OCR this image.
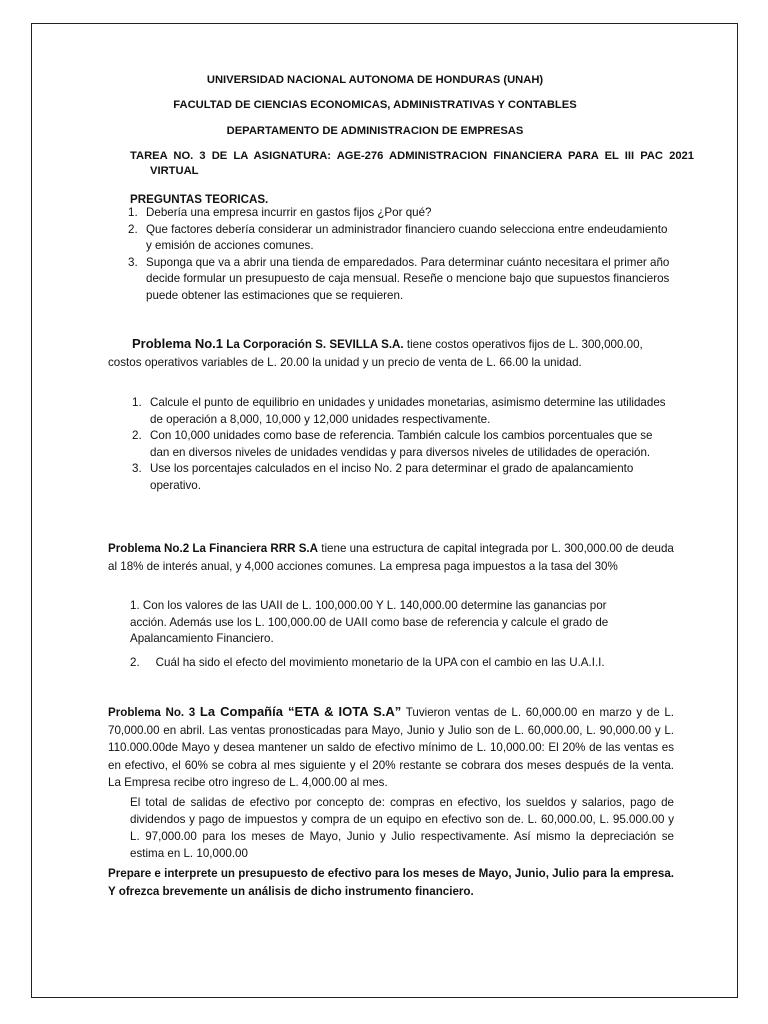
UNIVERSIDAD NACIONAL AUTONOMA DE HONDURAS (UNAH)
FACULTAD DE CIENCIAS ECONOMICAS, ADMINISTRATIVAS Y CONTABLES
DEPARTAMENTO DE ADMINISTRACION DE EMPRESAS
TAREA NO. 3 DE LA ASIGNATURA: AGE-276 ADMINISTRACION FINANCIERA PARA EL III PAC 2021 VIRTUAL
PREGUNTAS TEORICAS.
1. Debería una empresa incurrir en gastos fijos ¿Por qué?
2. Que factores debería considerar un administrador financiero cuando selecciona entre endeudamiento y emisión de acciones comunes.
3. Suponga que va a abrir una tienda de emparedados. Para determinar cuánto necesitara el primer año decide formular un presupuesto de caja mensual. Reseñe o mencione bajo que supuestos financieros puede obtener las estimaciones que se requieren.
Problema No.1 La Corporación S. SEVILLA S.A. tiene costos operativos fijos de L. 300,000.00, costos operativos variables de L. 20.00 la unidad y un precio de venta de L. 66.00 la unidad.
1. Calcule el punto de equilibrio en unidades y unidades monetarias, asimismo determine las utilidades de operación a 8,000, 10,000 y 12,000 unidades respectivamente.
2. Con 10,000 unidades como base de referencia. También calcule los cambios porcentuales que se dan en diversos niveles de unidades vendidas y para diversos niveles de utilidades de operación.
3. Use los porcentajes calculados en el inciso No. 2 para determinar el grado de apalancamiento operativo.
Problema No.2 La Financiera RRR S.A tiene una estructura de capital integrada por L. 300,000.00 de deuda al 18% de interés anual, y 4,000 acciones comunes. La empresa paga impuestos a la tasa del 30%
1. Con los valores de las UAII de L. 100,000.00 Y L. 140,000.00 determine las ganancias por acción. Además use los L. 100,000.00 de UAII como base de referencia y calcule el grado de Apalancamiento Financiero.
2. Cuál ha sido el efecto del movimiento monetario de la UPA con el cambio en las U.A.I.I.
Problema No. 3 La Compañía “ETA & IOTA S.A” Tuvieron ventas de L. 60,000.00 en marzo y de L. 70,000.00 en abril. Las ventas pronosticadas para Mayo, Junio y Julio son de L. 60,000.00, L. 90,000.00 y L. 110.000.00de Mayo y desea mantener un saldo de efectivo mínimo de L. 10,000.00: El 20% de las ventas es en efectivo, el 60% se cobra al mes siguiente y el 20% restante se cobrara dos meses después de la venta. La Empresa recibe otro ingreso de L. 4,000.00 al mes.
El total de salidas de efectivo por concepto de: compras en efectivo, los sueldos y salarios, pago de dividendos y pago de impuestos y compra de un equipo en efectivo son de. L. 60,000.00, L. 95.000.00 y L. 97,000.00 para los meses de Mayo, Junio y Julio respectivamente. Así mismo la depreciación se estima en L. 10,000.00
Prepare e interprete un presupuesto de efectivo para los meses de Mayo, Junio, Julio para la empresa. Y ofrezca brevemente un análisis de dicho instrumento financiero.
